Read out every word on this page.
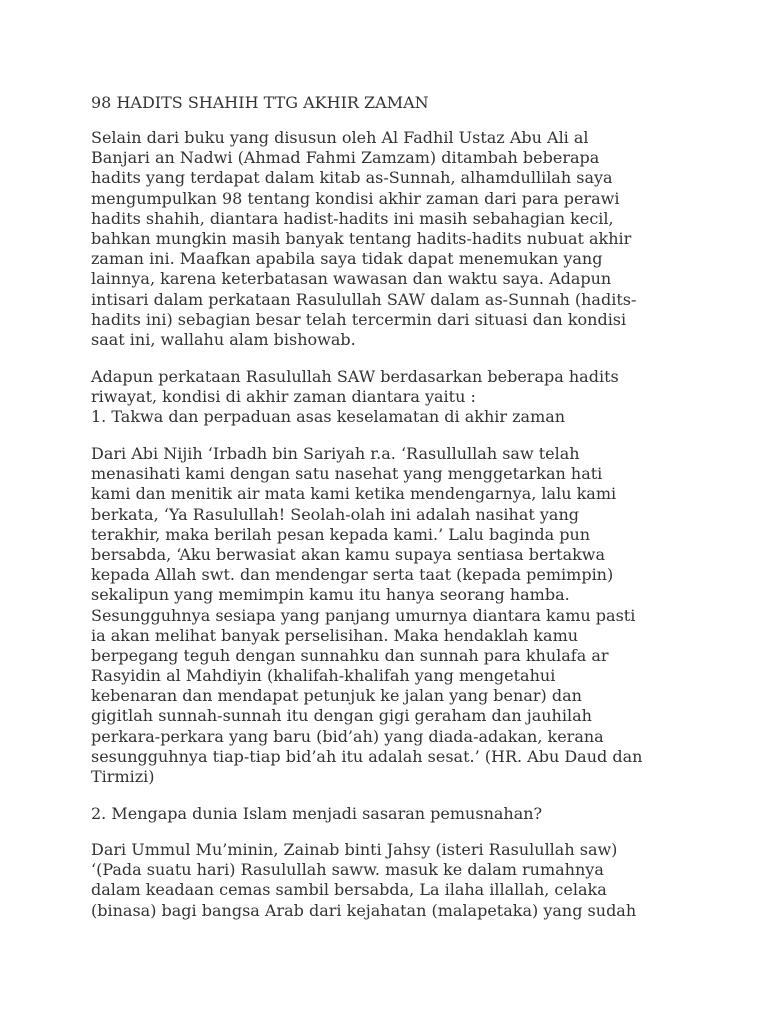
98 HADITS SHAHIH TTG AKHIR ZAMAN
Selain dari buku yang disusun oleh Al Fadhil Ustaz Abu Ali al
Banjari an Nadwi (Ahmad Fahmi Zamzam) ditambah beberapa
hadits yang terdapat dalam kitab as-Sunnah, alhamdullilah saya
mengumpulkan 98 tentang kondisi akhir zaman dari para perawi
hadits shahih, diantara hadist-hadits ini masih sebahagian kecil,
bahkan mungkin masih banyak tentang hadits-hadits nubuat akhir
zaman ini. Maafkan apabila saya tidak dapat menemukan yang
lainnya, karena keterbatasan wawasan dan waktu saya. Adapun
intisari dalam perkataan Rasulullah SAW dalam as-Sunnah (hadits-
hadits ini) sebagian besar telah tercermin dari situasi dan kondisi
saat ini, wallahu alam bishowab.
Adapun perkataan Rasulullah SAW berdasarkan beberapa hadits
riwayat, kondisi di akhir zaman diantara yaitu :
1. Takwa dan perpaduan asas keselamatan di akhir zaman
Dari Abi Nijih ‘Irbadh bin Sariyah r.a. ‘Rasullullah saw telah
menasihati kami dengan satu nasehat yang menggetarkan hati
kami dan menitik air mata kami ketika mendengarnya, lalu kami
berkata, ‘Ya Rasulullah! Seolah-olah ini adalah nasihat yang
terakhir, maka berilah pesan kepada kami.’ Lalu baginda pun
bersabda, ‘Aku berwasiat akan kamu supaya sentiasa bertakwa
kepada Allah swt. dan mendengar serta taat (kepada pemimpin)
sekalipun yang memimpin kamu itu hanya seorang hamba.
Sesungguhnya sesiapa yang panjang umurnya diantara kamu pasti
ia akan melihat banyak perselisihan. Maka hendaklah kamu
berpegang teguh dengan sunnahku dan sunnah para khulafa ar
Rasyidin al Mahdiyin (khalifah-khalifah yang mengetahui
kebenaran dan mendapat petunjuk ke jalan yang benar) dan
gigitlah sunnah-sunnah itu dengan gigi geraham dan jauhilah
perkara-perkara yang baru (bid’ah) yang diada-adakan, kerana
sesungguhnya tiap-tiap bid’ah itu adalah sesat.’ (HR. Abu Daud dan
Tirmizi)
2. Mengapa dunia Islam menjadi sasaran pemusnahan?
Dari Ummul Mu’minin, Zainab binti Jahsy (isteri Rasulullah saw)
‘(Pada suatu hari) Rasulullah saww. masuk ke dalam rumahnya
dalam keadaan cemas sambil bersabda, La ilaha illallah, celaka
(binasa) bagi bangsa Arab dari kejahatan (malapetaka) yang sudah
